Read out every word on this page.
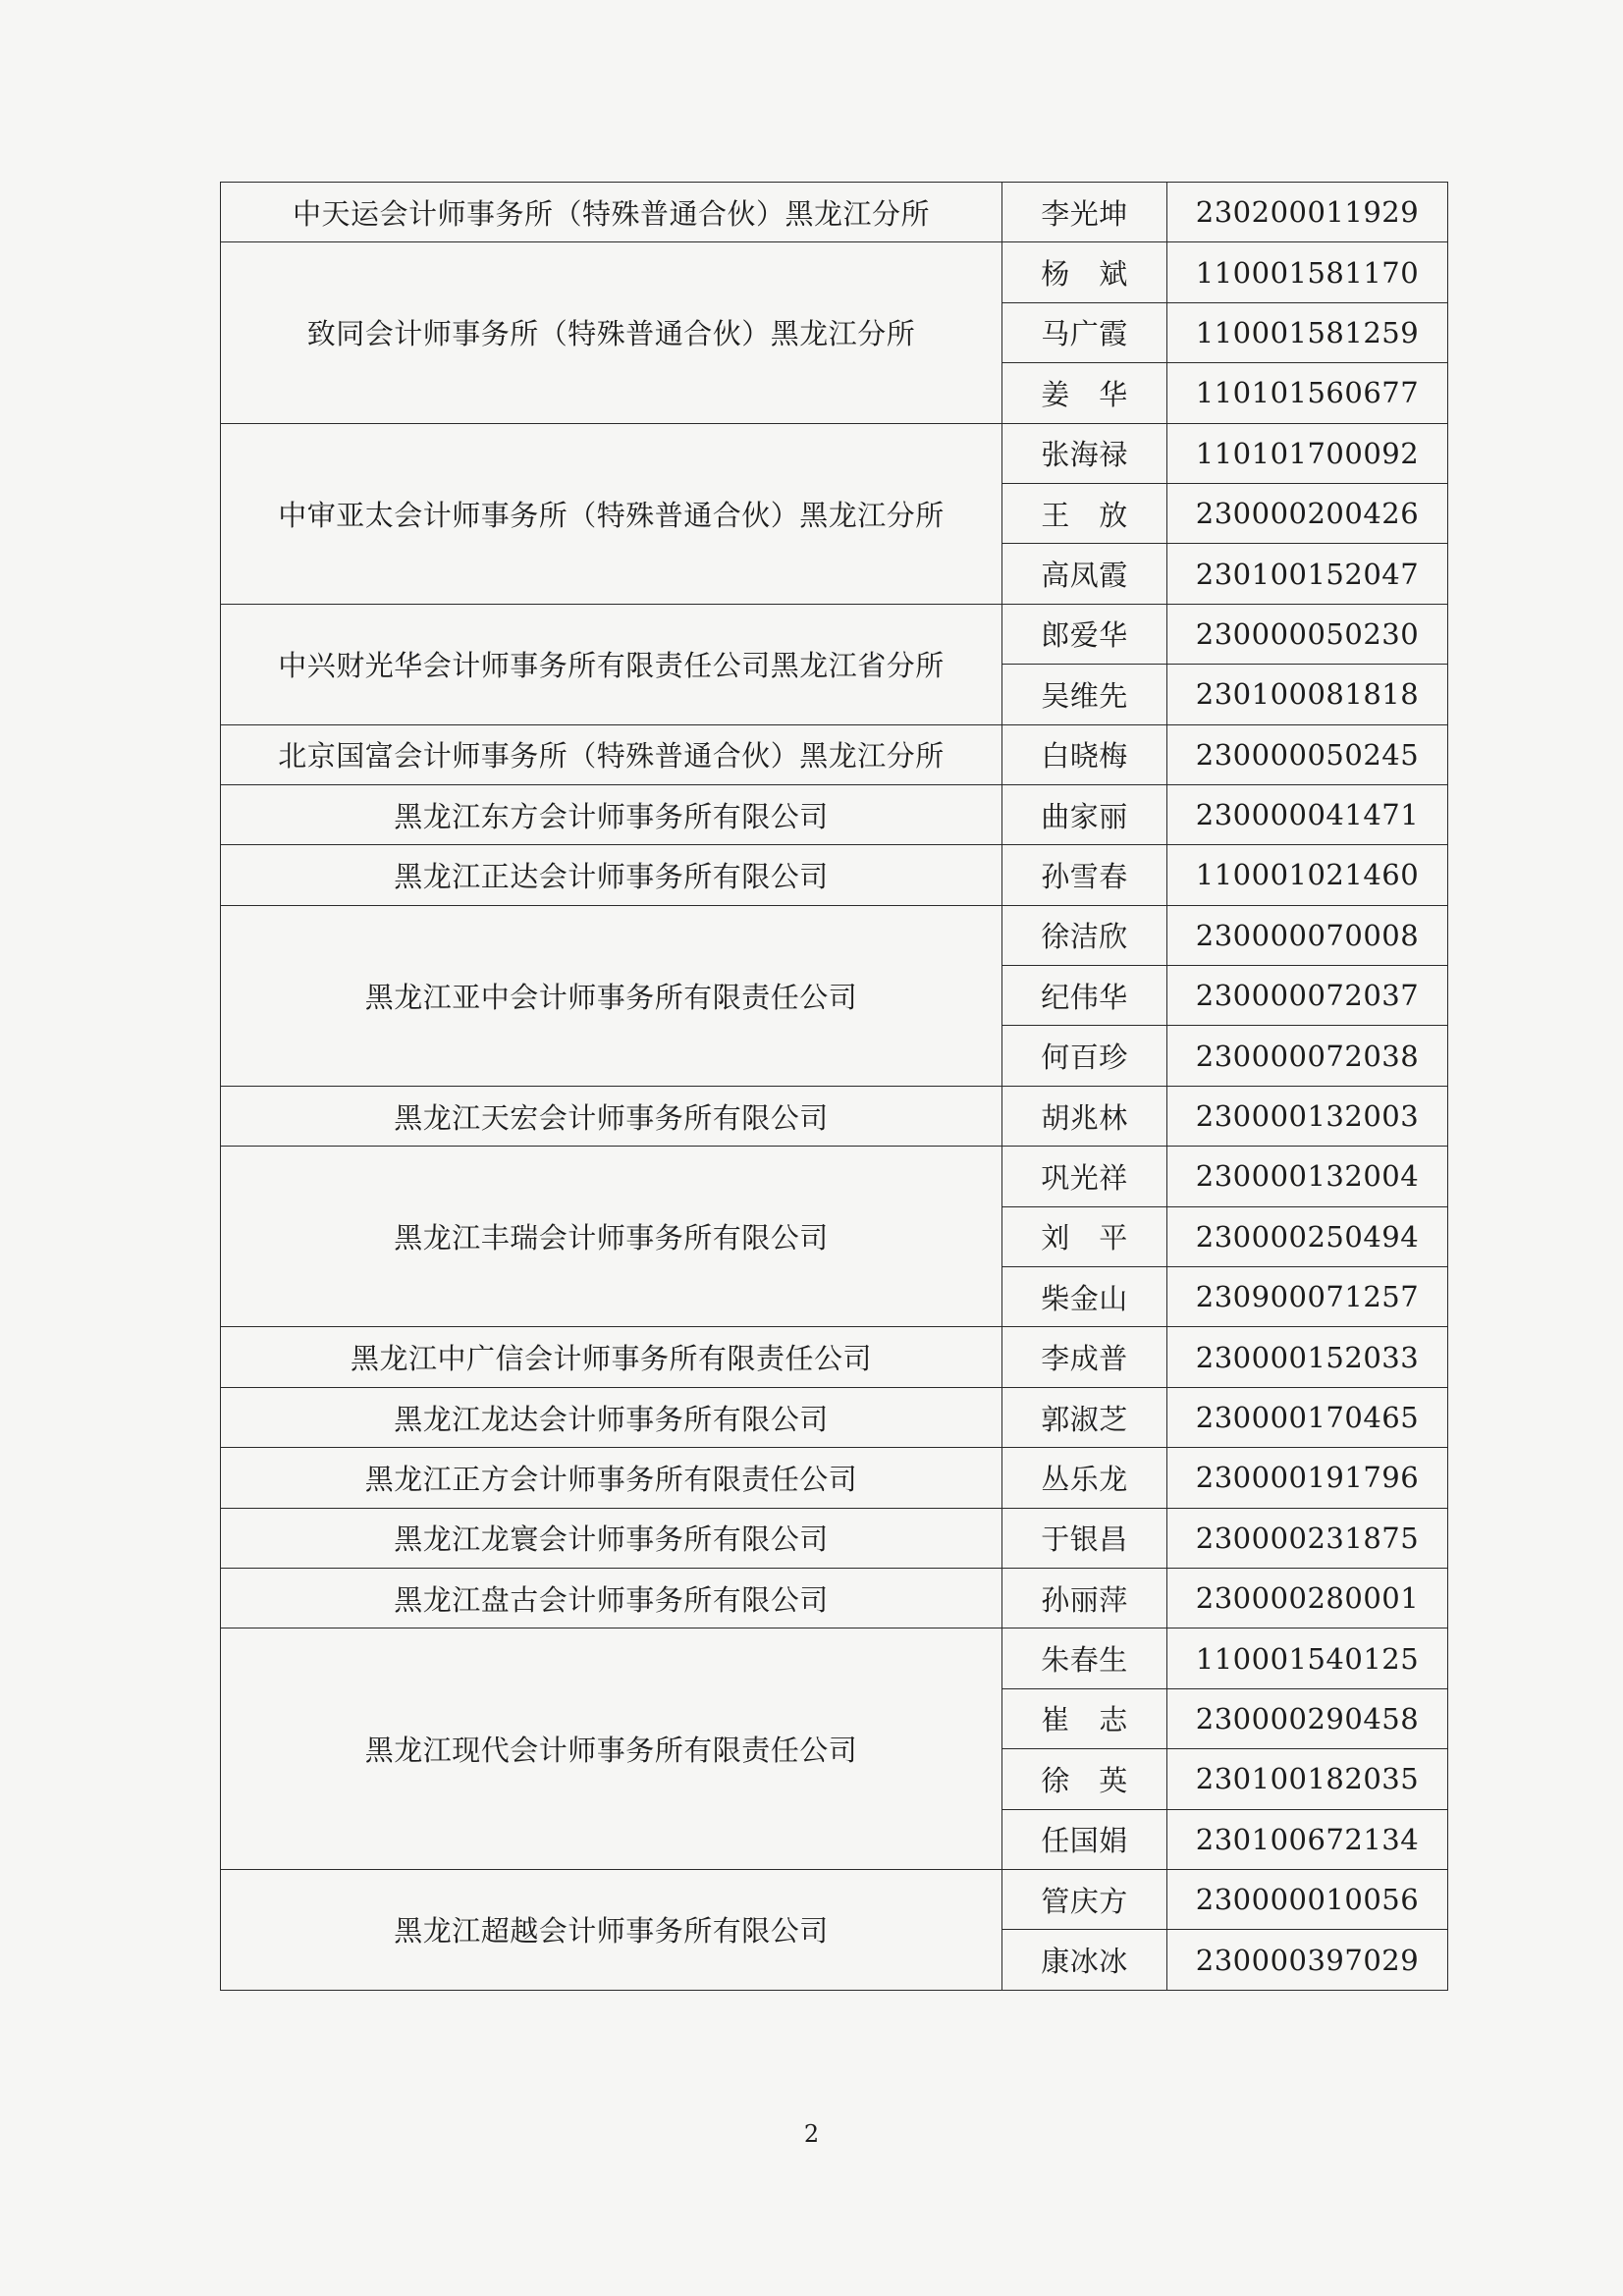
中天运会计师事务所（特殊普通合伙）黑龙江分所	李光坤	230200011929
致同会计师事务所（特殊普通合伙）黑龙江分所	杨　斌	110001581170
	马广霞	110001581259
	姜　华	110101560677
中审亚太会计师事务所（特殊普通合伙）黑龙江分所	张海禄	110101700092
	王　放	230000200426
	高凤霞	230100152047
中兴财光华会计师事务所有限责任公司黑龙江省分所	郎爱华	230000050230
	吴维先	230100081818
北京国富会计师事务所（特殊普通合伙）黑龙江分所	白晓梅	230000050245
黑龙江东方会计师事务所有限公司	曲家丽	230000041471
黑龙江正达会计师事务所有限公司	孙雪春	110001021460
黑龙江亚中会计师事务所有限责任公司	徐洁欣	230000070008
	纪伟华	230000072037
	何百珍	230000072038
黑龙江天宏会计师事务所有限公司	胡兆林	230000132003
黑龙江丰瑞会计师事务所有限公司	巩光祥	230000132004
	刘　平	230000250494
	柴金山	230900071257
黑龙江中广信会计师事务所有限责任公司	李成普	230000152033
黑龙江龙达会计师事务所有限公司	郭淑芝	230000170465
黑龙江正方会计师事务所有限责任公司	丛乐龙	230000191796
黑龙江龙寰会计师事务所有限公司	于银昌	230000231875
黑龙江盘古会计师事务所有限公司	孙丽萍	230000280001
黑龙江现代会计师事务所有限责任公司	朱春生	110001540125
	崔　志	230000290458
	徐　英	230100182035
	任国娟	230100672134
黑龙江超越会计师事务所有限公司	管庆方	230000010056
	康冰冰	230000397029
2
